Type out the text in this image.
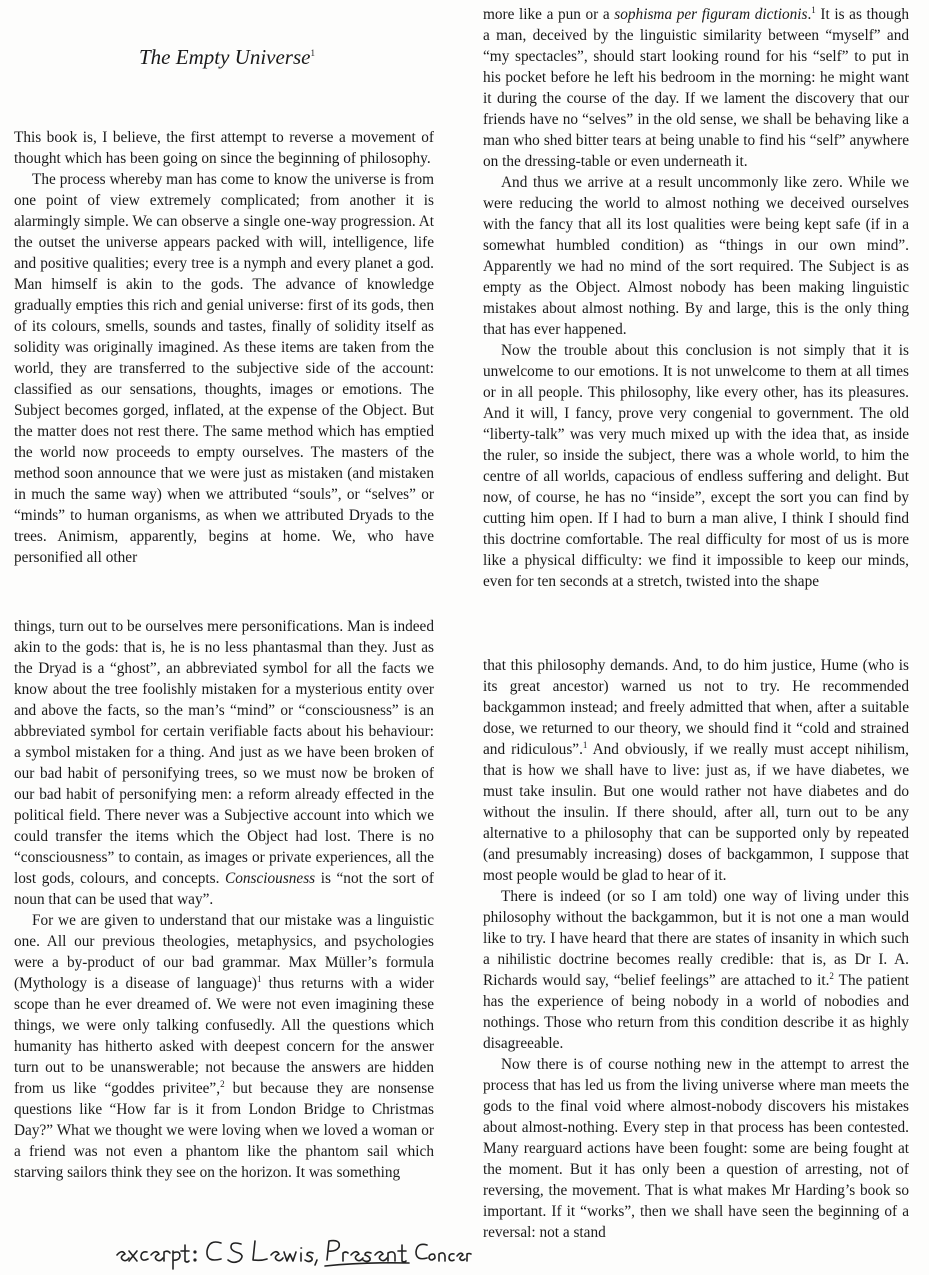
The Empty Universe$^1$

This book is, I believe, the first attempt to reverse a movement of thought which has been going on since the beginning of philosophy.

The process whereby man has come to know the universe is from one point of view extremely complicated; from another it is alarmingly simple. We can observe a single one-way progression. At the outset the universe appears packed with will, intelligence, life and positive qualities; every tree is a nymph and every planet a god. Man himself is akin to the gods. The advance of knowledge gradually empties this rich and genial universe: first of its gods, then of its colours, smells, sounds and tastes, finally of solidity itself as solidity was originally imagined. As these items are taken from the world, they are transferred to the subjective side of the account: classified as our sensations, thoughts, images or emotions. The Subject becomes gorged, inflated, at the expense of the Object. But the matter does not rest there. The same method which has emptied the world now proceeds to empty ourselves. The masters of the method soon announce that we were just as mistaken (and mistaken in much the same way) when we attributed “souls”, or “selves” or “minds” to human organisms, as when we attributed Dryads to the trees. Animism, apparently, begins at home. We, who have personified all other

things, turn out to be ourselves mere personifications. Man is indeed akin to the gods: that is, he is no less phantasmal than they. Just as the Dryad is a “ghost”, an abbreviated symbol for all the facts we know about the tree foolishly mistaken for a mysterious entity over and above the facts, so the man’s “mind” or “consciousness” is an abbreviated symbol for certain verifiable facts about his behaviour: a symbol mistaken for a thing. And just as we have been broken of our bad habit of personifying trees, so we must now be broken of our bad habit of personifying men: a reform already effected in the political field. There never was a Subjective account into which we could transfer the items which the Object had lost. There is no “consciousness” to contain, as images or private experiences, all the lost gods, colours, and concepts. Consciousness is “not the sort of noun that can be used that way”.

For we are given to understand that our mistake was a linguistic one. All our previous theologies, metaphysics, and psychologies were a by-product of our bad grammar. Max Müller’s formula (Mythology is a disease of language)$^1$ thus returns with a wider scope than he ever dreamed of. We were not even imagining these things, we were only talking confusedly. All the questions which humanity has hitherto asked with deepest concern for the answer turn out to be unanswerable; not because the answers are hidden from us like “goddes privitee”,$^2$ but because they are nonsense questions like “How far is it from London Bridge to Christmas Day?” What we thought we were loving when we loved a woman or a friend was not even a phantom like the phantom sail which starving sailors think they see on the horizon. It was something

more like a pun or a sophisma per figuram dictionis.$^1$ It is as though a man, deceived by the linguistic similarity between “myself” and “my spectacles”, should start looking round for his “self” to put in his pocket before he left his bedroom in the morning: he might want it during the course of the day. If we lament the discovery that our friends have no “selves” in the old sense, we shall be behaving like a man who shed bitter tears at being unable to find his “self” anywhere on the dressing-table or even underneath it.

And thus we arrive at a result uncommonly like zero. While we were reducing the world to almost nothing we deceived ourselves with the fancy that all its lost qualities were being kept safe (if in a somewhat humbled condition) as “things in our own mind”. Apparently we had no mind of the sort required. The Subject is as empty as the Object. Almost nobody has been making linguistic mistakes about almost nothing. By and large, this is the only thing that has ever happened.

Now the trouble about this conclusion is not simply that it is unwelcome to our emotions. It is not unwelcome to them at all times or in all people. This philosophy, like every other, has its pleasures. And it will, I fancy, prove very congenial to government. The old “liberty-talk” was very much mixed up with the idea that, as inside the ruler, so inside the subject, there was a whole world, to him the centre of all worlds, capacious of endless suffering and delight. But now, of course, he has no “inside”, except the sort you can find by cutting him open. If I had to burn a man alive, I think I should find this doctrine comfortable. The real difficulty for most of us is more like a physical difficulty: we find it impossible to keep our minds, even for ten seconds at a stretch, twisted into the shape

that this philosophy demands. And, to do him justice, Hume (who is its great ancestor) warned us not to try. He recommended backgammon instead; and freely admitted that when, after a suitable dose, we returned to our theory, we should find it “cold and strained and ridiculous”.$^1$ And obviously, if we really must accept nihilism, that is how we shall have to live: just as, if we have diabetes, we must take insulin. But one would rather not have diabetes and do without the insulin. If there should, after all, turn out to be any alternative to a philosophy that can be supported only by repeated (and presumably increasing) doses of backgammon, I suppose that most people would be glad to hear of it.

There is indeed (or so I am told) one way of living under this philosophy without the backgammon, but it is not one a man would like to try. I have heard that there are states of insanity in which such a nihilistic doctrine becomes really credible: that is, as Dr I. A. Richards would say, “belief feelings” are attached to it.$^2$ The patient has the experience of being nobody in a world of nobodies and nothings. Those who return from this condition describe it as highly disagreeable.

Now there is of course nothing new in the attempt to arrest the process that has led us from the living universe where man meets the gods to the final void where almost-nobody discovers his mistakes about almost-nothing. Every step in that process has been contested. Many rearguard actions have been fought: some are being fought at the moment. But it has only been a question of arresting, not of reversing, the movement. That is what makes Mr Harding’s book so important. If it “works”, then we shall have seen the beginning of a reversal: not a stand
